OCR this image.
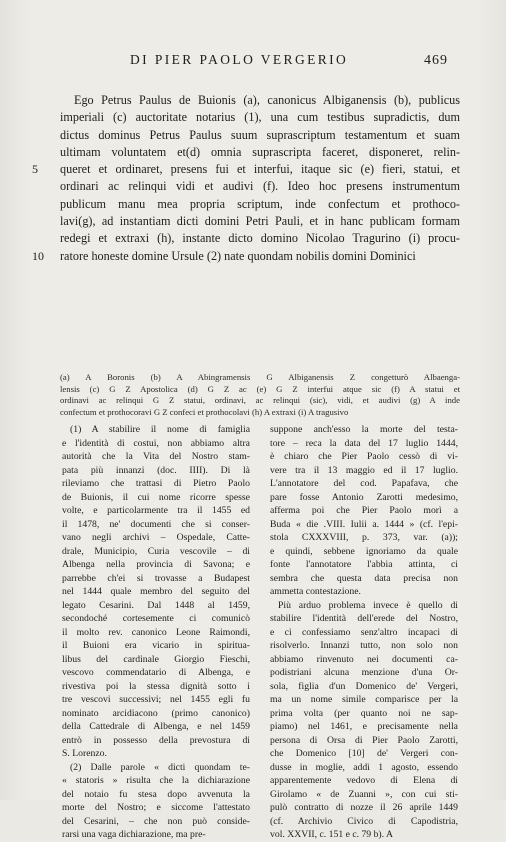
DI PIER PAOLO VERGERIO	469
Ego Petrus Paulus de Buionis (a), canonicus Albiganensis (b), publicus
imperiali (c) auctoritate notarius (1), una cum testibus supradictis, dum
dictus dominus Petrus Paulus suum suprascriptum testamentum et suam
ultimam voluntatem et(d) omnia suprascripta faceret, disponeret, relin-
5	queret et ordinaret, presens fui et interfui, itaque sic (e) fieri, statui, et
ordinari ac relinqui vidi et audivi (f). Ideo hoc presens instrumentum
publicum manu mea propria scriptum, inde confectum et prothoco-
lavi(g), ad instantiam dicti domini Petri Pauli, et in hanc publicam formam
redegi et extraxi (h), instante dicto domino Nicolao Tragurino (i) procu-
10	ratore honeste domine Ursule (2) nate quondam nobilis domini Dominici
(a) A Boronis (b) A Abingramensis G Albiganensis Z congetturò Albaenga-
lensis (c) G Z Apostolica (d) G Z ac (e) G Z interfui atque sic (f) A statui et
ordinavi ac relinqui G Z statui, ordinavi, ac relinqui (sic), vidi, et audivi (g) A inde
confectum et prothocoravi G Z confeci et prothocolavi (h) A extraxi (i) A tragusivo
(1) A stabilire il nome di famiglia
e l'identità di costui, non abbiamo altra
autorità che la Vita del Nostro stam-
pata più innanzi (doc. IIII). Di là
rileviamo che trattasi di Pietro Paolo
de Buionis, il cui nome ricorre spesse
volte, e particolarmente tra il 1455 ed
il 1478, ne' documenti che si conser-
vano negli archivi – Ospedale, Catte-
drale, Municipio, Curia vescovile – di
Albenga nella provincia di Savona; e
parrebbe ch'ei si trovasse a Budapest
nel 1444 quale membro del seguito del
legato Cesarini. Dal 1448 al 1459,
secondoché cortesemente ci comunicò
il molto rev. canonico Leone Raimondi,
il Buioni era vicario in spiritua-
libus del cardinale Giorgio Fieschi,
vescovo commendatario di Albenga, e
rivestiva poi la stessa dignità sotto i
tre vescovi successivi; nel 1455 egli fu
nominato arcidiacono (primo canonico)
della Cattedrale di Albenga, e nel 1459
entrò in possesso della prevostura di
S. Lorenzo.
(2) Dalle parole « dicti quondam te-
« statoris » risulta che la dichiarazione
del notaio fu stesa dopo avvenuta la
morte del Nostro; e siccome l'attestato
del Cesarini, – che non può conside-
rarsi una vaga dichiarazione, ma pre-
suppone anch'esso la morte del testa-
tore – reca la data del 17 luglio 1444,
è chiaro che Pier Paolo cessò di vi-
vere tra il 13 maggio ed il 17 luglio.
L'annotatore del cod. Papafava, che
pare fosse Antonio Zarotti medesimo,
afferma poi che Pier Paolo morì a
Buda « die .VIII. Iulii a. 1444 » (cf. l'epi-
stola CXXXVIII, p. 373, var. (a));
e quindi, sebbene ignoriamo da quale
fonte l'annotatore l'abbia attinta, ci
sembra che questa data precisa non
ammetta contestazione.
Più arduo problema invece è quello di
stabilire l'identità dell'erede del Nostro,
e ci confessiamo senz'altro incapaci di
risolverlo. Innanzi tutto, non solo non
abbiamo rinvenuto nei documenti ca-
podistriani alcuna menzione d'una Or-
sola, figlia d'un Domenico de' Vergeri,
ma un nome simile comparisce per la
prima volta (per quanto noi ne sap-
piamo) nel 1461, e precisamente nella
persona di Orsa di Pier Paolo Zarotti,
che Domenico [10] de' Vergeri con-
dusse in moglie, addì 1 agosto, essendo
apparentemente vedovo di Elena di
Girolamo « de Zuanni », con cui sti-
pulò contratto di nozze il 26 aprile 1449
(cf. Archivio Civico di Capodistria,
vol. XXVII, c. 151 e c. 79 b). A
